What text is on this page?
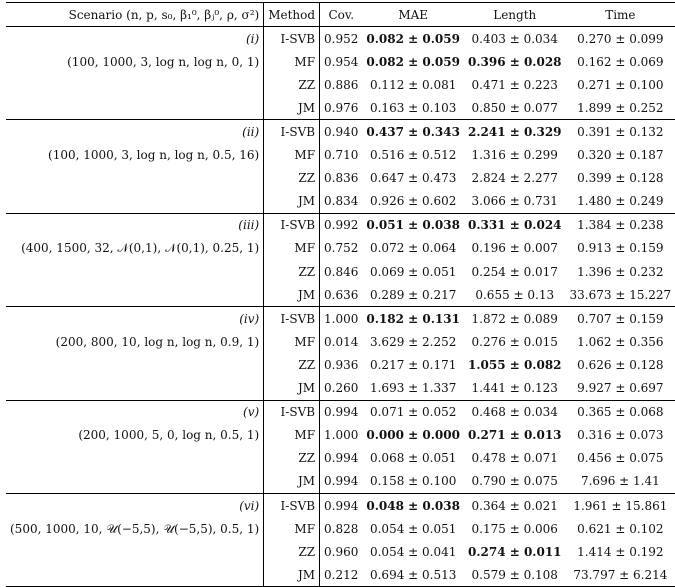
Scenario (n, p, s₀, β₁⁰, βⱼ⁰, ρ, σ²)	Method	Cov.	MAE	Length	Time
(i)	I-SVB	0.952	0.082 ± 0.059	0.403 ± 0.034	0.270 ± 0.099
(100, 1000, 3, log n, log n, 0, 1)	MF	0.954	0.082 ± 0.059	0.396 ± 0.028	0.162 ± 0.069
	ZZ	0.886	0.112 ± 0.081	0.471 ± 0.223	0.271 ± 0.100
	JM	0.976	0.163 ± 0.103	0.850 ± 0.077	1.899 ± 0.252
(ii)	I-SVB	0.940	0.437 ± 0.343	2.241 ± 0.329	0.391 ± 0.132
(100, 1000, 3, log n, log n, 0.5, 16)	MF	0.710	0.516 ± 0.512	1.316 ± 0.299	0.320 ± 0.187
	ZZ	0.836	0.647 ± 0.473	2.824 ± 2.277	0.399 ± 0.128
	JM	0.834	0.926 ± 0.602	3.066 ± 0.731	1.480 ± 0.249
(iii)	I-SVB	0.992	0.051 ± 0.038	0.331 ± 0.024	1.384 ± 0.238
(400, 1500, 32, 𝒩(0,1), 𝒩(0,1), 0.25, 1)	MF	0.752	0.072 ± 0.064	0.196 ± 0.007	0.913 ± 0.159
	ZZ	0.846	0.069 ± 0.051	0.254 ± 0.017	1.396 ± 0.232
	JM	0.636	0.289 ± 0.217	0.655 ± 0.13	33.673 ± 15.227
(iv)	I-SVB	1.000	0.182 ± 0.131	1.872 ± 0.089	0.707 ± 0.159
(200, 800, 10, log n, log n, 0.9, 1)	MF	0.014	3.629 ± 2.252	0.276 ± 0.015	1.062 ± 0.356
	ZZ	0.936	0.217 ± 0.171	1.055 ± 0.082	0.626 ± 0.128
	JM	0.260	1.693 ± 1.337	1.441 ± 0.123	9.927 ± 0.697
(v)	I-SVB	0.994	0.071 ± 0.052	0.468 ± 0.034	0.365 ± 0.068
(200, 1000, 5, 0, log n, 0.5, 1)	MF	1.000	0.000 ± 0.000	0.271 ± 0.013	0.316 ± 0.073
	ZZ	0.994	0.068 ± 0.051	0.478 ± 0.071	0.456 ± 0.075
	JM	0.994	0.158 ± 0.100	0.790 ± 0.075	7.696 ± 1.41
(vi)	I-SVB	0.994	0.048 ± 0.038	0.364 ± 0.021	1.961 ± 15.861
(500, 1000, 10, 𝒰(−5,5), 𝒰(−5,5), 0.5, 1)	MF	0.828	0.054 ± 0.051	0.175 ± 0.006	0.621 ± 0.102
	ZZ	0.960	0.054 ± 0.041	0.274 ± 0.011	1.414 ± 0.192
	JM	0.212	0.694 ± 0.513	0.579 ± 0.108	73.797 ± 6.214
